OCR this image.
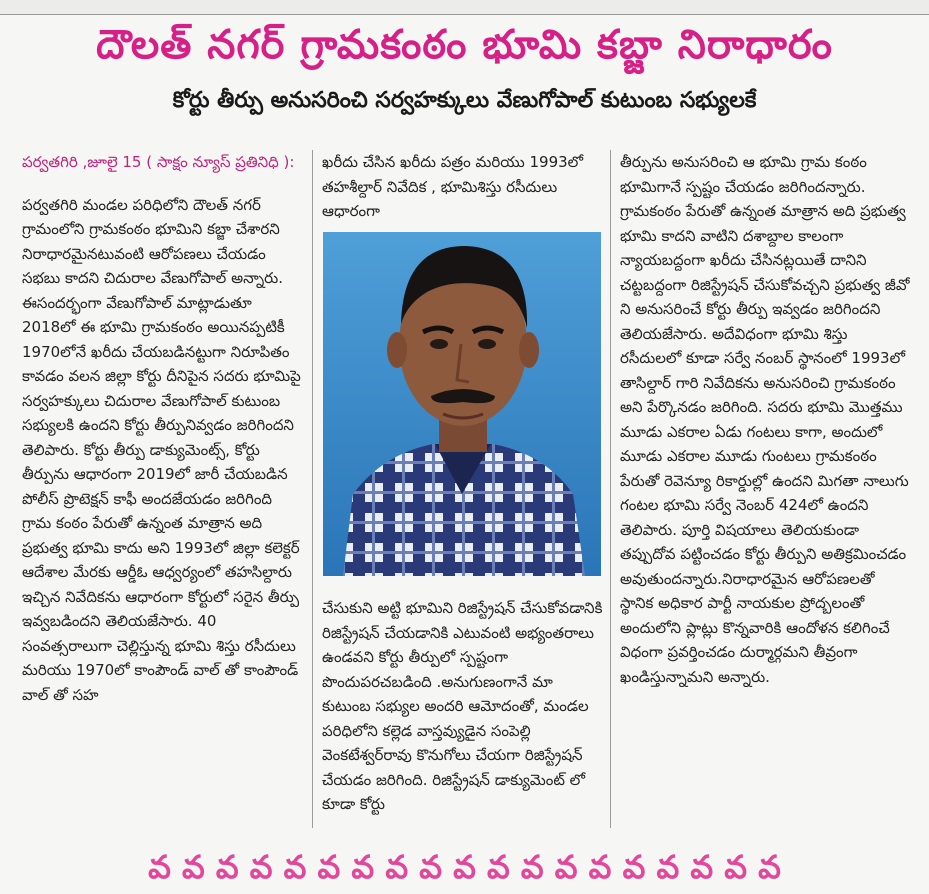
దౌలత్ నగర్ గ్రామకంఠం భూమి కబ్జా నిరాధారం
కోర్టు తీర్పు అనుసరించి సర్వహక్కులు వేణుగోపాల్ కుటుంబ సభ్యులకే

పర్వతగిరి ,జూలై 15 ( సాక్షం న్యూస్ ప్రతినిధి ):

పర్వతగిరి మండల పరిధిలోని దౌలత్ నగర్ గ్రామంలోని గ్రామకంఠం భూమిని కబ్జా చేశారని నిరాధారమైనటువంటి ఆరోపణలు చేయడం సభబు కాదని చిదురాల వేణుగోపాల్ అన్నారు. ఈసందర్భంగా వేణుగోపాల్ మాట్లాడుతూ 2018లో ఈ భూమి గ్రామకంఠం అయినప్పటికీ 1970లోనే ఖరీదు చేయబడినట్టుగా నిరూపితం కావడం వలన జిల్లా కోర్టు దీనిపైన సదరు భూమిపై సర్వహక్కులు చిదురాల వేణుగోపాల్ కుటుంబ సభ్యులకి ఉందని కోర్టు తీర్పునివ్వడం జరిగిందని తెలిపారు. కోర్టు తీర్పు డాక్యుమెంట్స్, కోర్టు తీర్పును ఆధారంగా 2019లో జారీ చేయబడిన పోలీస్ ప్రొటెక్షన్ కాఫీ అందజేయడం జరిగింది

గ్రామ కంఠం పేరుతో ఉన్నంత మాత్రాన అది ప్రభుత్వ భూమి కాదు అని 1993లో జిల్లా కలెక్టర్ ఆదేశాల మేరకు ఆర్డీఓ ఆధ్వర్యంలో తహసిల్దారు ఇచ్చిన నివేదికను ఆధారంగా కోర్టులో సరైన తీర్పు ఇవ్వబడిందని తెలియజేసారు. 40 సంవత్సరాలుగా చెల్లిస్తున్న భూమి శిస్తు రసీదులు మరియు 1970లో కాంపౌండ్ వాల్ తో కాంపౌండ్ వాల్ తో సహ

ఖరీదు చేసిన ఖరీదు పత్రం మరియు 1993లో తహశీల్దార్ నివేదిక , భూమిశిస్తు రసీదులు ఆధారంగా

చేసుకుని అట్టి భూమిని రిజిస్ట్రేషన్ చేసుకోవడానికి రిజిస్ట్రేషన్ చేయడానికి ఎటువంటి అభ్యంతరాలు ఉండవని కోర్టు తీర్పులో స్పష్టంగా పొందుపరచబడింది .అనుగుణంగానే మా కుటుంబ సభ్యుల అందరి ఆమోదంతో, మండల పరిధిలోని కల్లెడ వాస్తవ్యుడైన సంపెల్లి వెంకటేశ్వర్‌రావు కొనుగోలు చేయగా రిజిస్ట్రేషన్ చేయడం జరిగింది. రిజిస్ట్రేషన్ డాక్యుమెంట్ లో కూడా కోర్టు

తీర్పును అనుసరించి ఆ భూమి గ్రామ కంఠం భూమిగానే స్పష్టం చేయడం జరిగిందన్నారు. గ్రామకంఠం పేరుతో ఉన్నంత మాత్రాన అది ప్రభుత్వ భూమి కాదని వాటిని దశాబ్దాల కాలంగా న్యాయబద్దంగా ఖరీదు చేసినట్లయితే దానిని చట్టబద్దంగా రిజిస్ట్రేషన్ చేసుకోవచ్చని ప్రభుత్వ జీవో ని అనుసరించే కోర్టు తీర్పు ఇవ్వడం జరిగిందని తెలియజేసారు. అదేవిధంగా భూమి శిస్తు రసీదులలో కూడా సర్వే నంబర్ స్థానంలో 1993లో తాసిల్దార్ గారి నివేదికను అనుసరించి గ్రామకంఠం అని పేర్కొనడం జరిగింది. సదరు భూమి మొత్తము మూడు ఎకరాల ఏడు గంటలు కాగా, అందులో మూడు ఎకరాల మూడు గుంటలు గ్రామకంఠం పేరుతో రెవెన్యూ రికార్డుల్లో ఉందని మిగతా నాలుగు గంటల భూమి సర్వే నెంబర్ 424లో ఉందని తెలిపారు. పూర్తి విషయాలు తెలియకుండా తప్పుదోవ పట్టించడం కోర్టు తీర్పుని అతిక్రమించడం అవుతుందన్నారు.నిరాధారమైన ఆరోపణలతో స్థానిక అధికార పార్టీ నాయకుల ప్రోద్బలంతో అందులోని ప్లాట్లు కొన్నవారికి ఆందోళన కలిగించే విధంగా ప్రవర్తించడం దుర్మార్గమని తీవ్రంగా ఖండిస్తున్నామని అన్నారు.

వ వ వ వ వ వ వ వ వ వ వ వ వ వ వ వ వ వ వ
